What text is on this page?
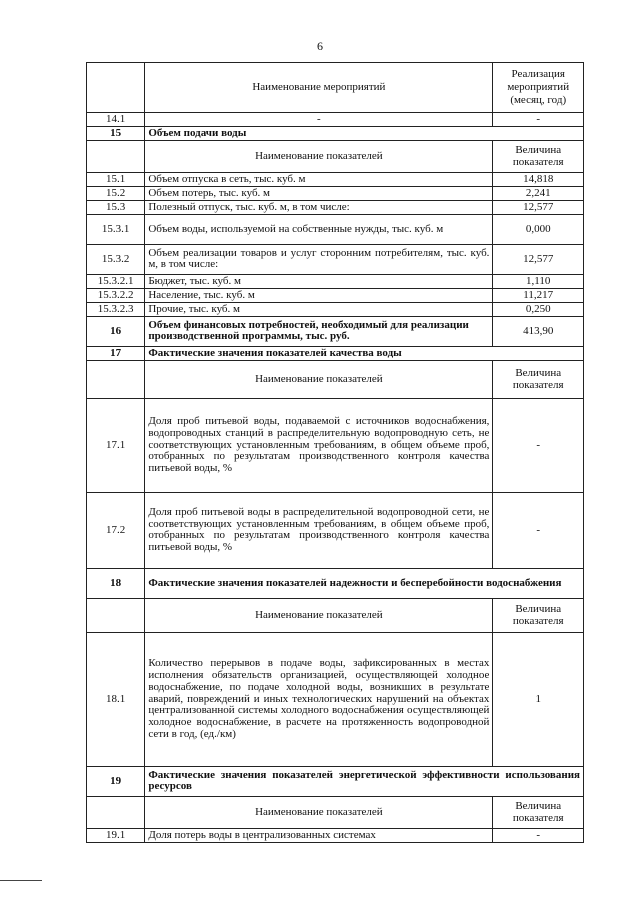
6
	Наименование мероприятий	Реализация мероприятий (месяц, год)
14.1	-	-
15	Объем подачи воды	
	Наименование показателей	Величина показателя
15.1	Объем отпуска в сеть, тыс. куб. м	14,818
15.2	Объем потерь, тыс. куб. м	2,241
15.3	Полезный отпуск, тыс. куб. м, в том числе:	12,577
15.3.1	Объем воды, используемой на собственные нужды, тыс. куб. м	0,000
15.3.2	Объем реализации товаров и услуг сторонним потребителям, тыс. куб. м, в том числе:	12,577
15.3.2.1	Бюджет, тыс. куб. м	1,110
15.3.2.2	Население, тыс. куб. м	11,217
15.3.2.3	Прочие, тыс. куб. м	0,250
16	Объем финансовых потребностей, необходимый для реализации производственной программы, тыс. руб.	413,90
17	Фактические значения показателей качества воды	
	Наименование показателей	Величина показателя
17.1	Доля проб питьевой воды, подаваемой с источников водоснабжения, водопроводных станций в распределительную водопроводную сеть, не соответствующих установленным требованиям, в общем объеме проб, отобранных по результатам производственного контроля качества питьевой воды, %	-
17.2	Доля проб питьевой воды в распределительной водопроводной сети, не соответствующих установленным требованиям, в общем объеме проб, отобранных по результатам производственного контроля качества питьевой воды, %	-
18	Фактические значения показателей надежности и бесперебойности водоснабжения	
	Наименование показателей	Величина показателя
18.1	Количество перерывов в подаче воды, зафиксированных в местах исполнения обязательств организацией, осуществляющей холодное водоснабжение, по подаче холодной воды, возникших в результате аварий, повреждений и иных технологических нарушений на объектах централизованной системы холодного водоснабжения осуществляющей холодное водоснабжение, в расчете на протяженность водопроводной сети в год, (ед./км)	1
19	Фактические значения показателей энергетической эффективности использования ресурсов	
	Наименование показателей	Величина показателя
19.1	Доля потерь воды в централизованных системах	-
